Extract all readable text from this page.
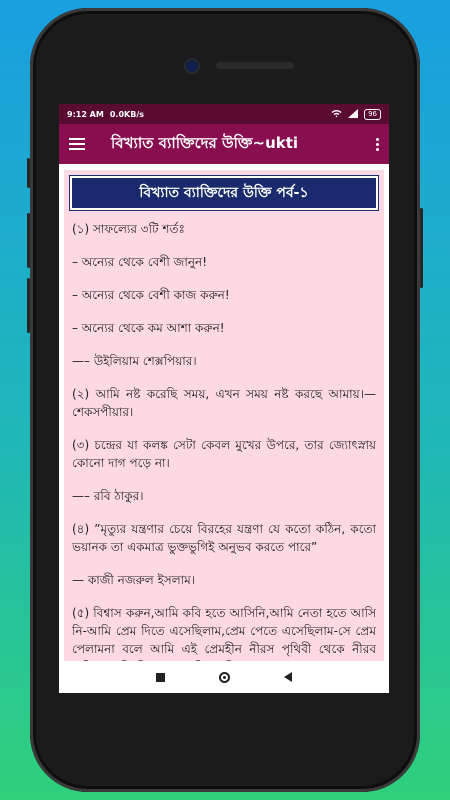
9:12 AM 0.0KB/s	96
বিখ্যাত ব্যাক্তিদের উক্তি~ukti
বিখ্যাত ব্যাক্তিদের উক্তি পর্ব-১

(১) সাফল্যের ৩টি শর্তঃ

– অন্যের থেকে বেশী জানুন!

– অন্যের থেকে বেশী কাজ করুন!

– অন্যের থেকে কম আশা করুন!

—– উইলিয়াম শেক্সপিয়ার।

(২) আমি নষ্ট করেছি সময়, এখন সময় নষ্ট করছে আমায়।— শেকসপীয়ার।

(৩) চন্দ্রের যা কলঙ্ক সেটা কেবল মুখের উপরে, তার জ্যোৎস্নায় কোনো দাগ পড়ে না।

—– রবি ঠাকুর।

(৪) ”মৃত্যুর যন্ত্রণার চেয়ে বিরহের যন্ত্রণা যে কতো কঠিন, কতো ভয়ানক তা একমাত্র ভুক্তভুগিই অনুভব করতে পারে”

— কাজী নজরুল ইসলাম।

(৫) বিশ্বাস করুন,আমি কবি হতে আসিনি,আমি নেতা হতে আসি নি-আমি প্রেম দিতে এসেছিলাম,প্রেম পেতে এসেছিলাম-সে প্রেম পেলামনা বলে আমি এই প্রেমহীন নীরস পৃথিবী থেকে নীরব
